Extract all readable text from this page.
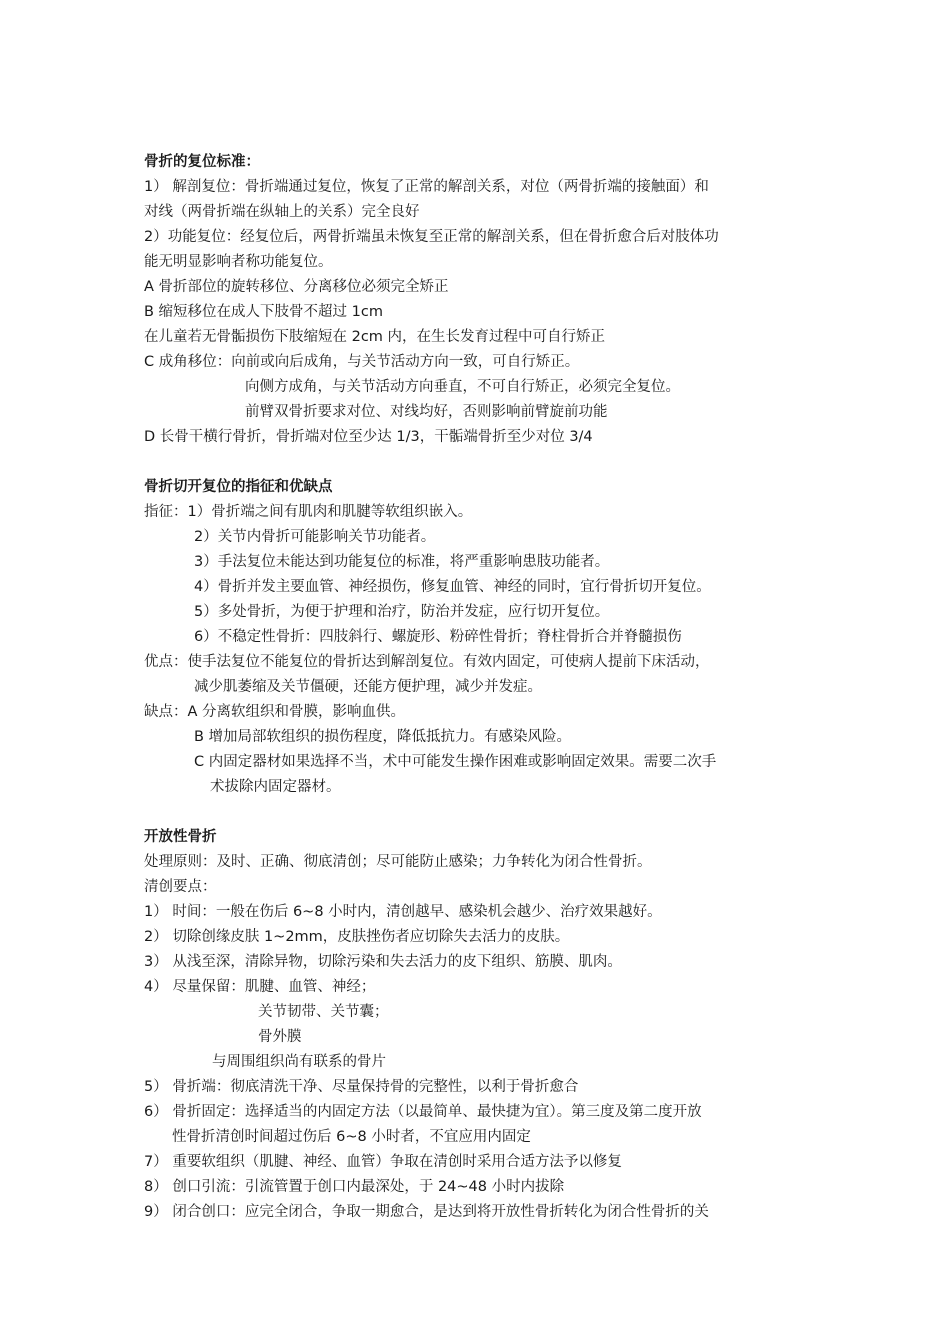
骨折的复位标准：
1） 解剖复位：骨折端通过复位，恢复了正常的解剖关系，对位（两骨折端的接触面）和
对线（两骨折端在纵轴上的关系）完全良好
2）功能复位：经复位后，两骨折端虽未恢复至正常的解剖关系，但在骨折愈合后对肢体功
能无明显影响者称功能复位。
A 骨折部位的旋转移位、分离移位必须完全矫正
B 缩短移位在成人下肢骨不超过 1cm
在儿童若无骨骺损伤下肢缩短在 2cm 内，在生长发育过程中可自行矫正
C 成角移位：向前或向后成角，与关节活动方向一致，可自行矫正。
向侧方成角，与关节活动方向垂直，不可自行矫正，必须完全复位。
前臂双骨折要求对位、对线均好，否则影响前臂旋前功能
D 长骨干横行骨折，骨折端对位至少达 1/3，干骺端骨折至少对位 3/4
骨折切开复位的指征和优缺点
指征：1）骨折端之间有肌肉和肌腱等软组织嵌入。
2）关节内骨折可能影响关节功能者。
3）手法复位未能达到功能复位的标准，将严重影响患肢功能者。
4）骨折并发主要血管、神经损伤，修复血管、神经的同时，宜行骨折切开复位。
5）多处骨折，为便于护理和治疗，防治并发症，应行切开复位。
6）不稳定性骨折：四肢斜行、螺旋形、粉碎性骨折；脊柱骨折合并脊髓损伤
优点：使手法复位不能复位的骨折达到解剖复位。有效内固定，可使病人提前下床活动，
减少肌萎缩及关节僵硬，还能方便护理，减少并发症。
缺点：A 分离软组织和骨膜，影响血供。
B 增加局部软组织的损伤程度，降低抵抗力。有感染风险。
C 内固定器材如果选择不当，术中可能发生操作困难或影响固定效果。需要二次手
术拔除内固定器材。
开放性骨折
处理原则：及时、正确、彻底清创；尽可能防止感染；力争转化为闭合性骨折。
清创要点：
1） 时间：一般在伤后 6~8 小时内，清创越早、感染机会越少、治疗效果越好。
2） 切除创缘皮肤 1~2mm，皮肤挫伤者应切除失去活力的皮肤。
3） 从浅至深，清除异物，切除污染和失去活力的皮下组织、筋膜、肌肉。
4） 尽量保留：肌腱、血管、神经；
关节韧带、关节囊；
骨外膜
与周围组织尚有联系的骨片
5） 骨折端：彻底清洗干净、尽量保持骨的完整性，以利于骨折愈合
6） 骨折固定：选择适当的内固定方法（以最简单、最快捷为宜）。第三度及第二度开放
性骨折清创时间超过伤后 6~8 小时者，不宜应用内固定
7） 重要软组织（肌腱、神经、血管）争取在清创时采用合适方法予以修复
8） 创口引流：引流管置于创口内最深处，于 24~48 小时内拔除
9） 闭合创口：应完全闭合，争取一期愈合，是达到将开放性骨折转化为闭合性骨折的关
